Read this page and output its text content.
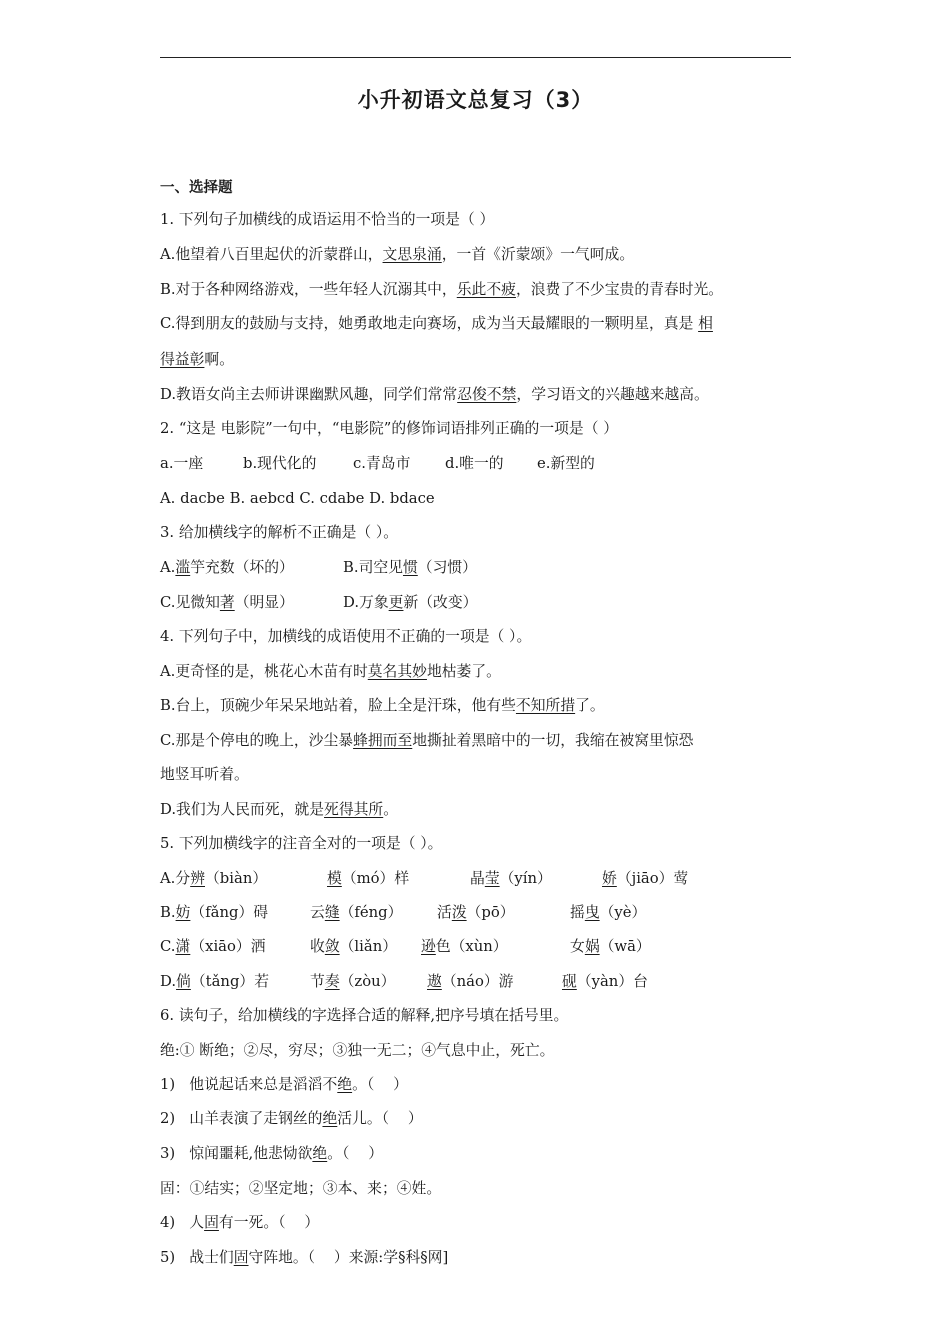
小升初语文总复习（3）
一、选择题
1. 下列句子加横线的成语运用不恰当的一项是（ ）
A.他望着八百里起伏的沂蒙群山，文思泉涌，一首《沂蒙颂》一气呵成。
B.对于各种网络游戏，一些年轻人沉溺其中，乐此不疲，浪费了不少宝贵的青春时光。
C.得到朋友的鼓励与支持，她勇敢地走向赛场，成为当天最耀眼的一颗明星，真是 相
得益彰啊。
D.教语女尚主去师讲课幽默风趣，同学们常常忍俊不禁，学习语文的兴趣越来越高。
2. “这是 电影院”一句中，“电影院”的修饰词语排列正确的一项是（ ）
a.一座	b.现代化的 c.青岛市 d.唯一的 e.新型的
A. dacbe B. aebcd C. cdabe D. bdace
3. 给加横线字的解析不正确是（ ）。
A.滥竽充数（坏的）	B.司空见惯（习惯）
C.见微知著（明显）	D.万象更新（改变）
4. 下列句子中，加横线的成语使用不正确的一项是（ ）。
A.更奇怪的是，桃花心木苗有时莫名其妙地枯萎了。
B.台上，顶碗少年呆呆地站着，脸上全是汗珠，他有些不知所措了。
C.那是个停电的晚上，沙尘暴蜂拥而至地撕扯着黑暗中的一切，我缩在被窝里惊恐
地竖耳听着。
D.我们为人民而死，就是死得其所。
5. 下列加横线字的注音全对的一项是（ ）。
A.分辨（biàn）	模（mó）样	晶莹（yín）	娇（jiāo）莺
B.妨（fǎng）碍	云缝（féng） 活泼（pō）	摇曳（yè）
C.潇（xiāo）洒	收敛（liǎn） 逊色（xùn）	女娲（wā）
D.倘（tǎng）若	节奏（zòu） 遨（náo）游	砚（yàn）台
6. 读句子，给加横线的字选择合适的解释,把序号填在括号里。
绝:① 断绝；②尽，穷尽；③独一无二；④气息中止，死亡。
1)   他说起话来总是滔滔不绝。（    ）
2)   山羊表演了走钢丝的绝活儿。（    ）
3)   惊闻噩耗,他悲恸欲绝。（    ）
固：①结实；②坚定地；③本、来；④姓。
4)   人固有一死。（    ）
5)   战士们固守阵地。（    ）来源:学§科§网]
